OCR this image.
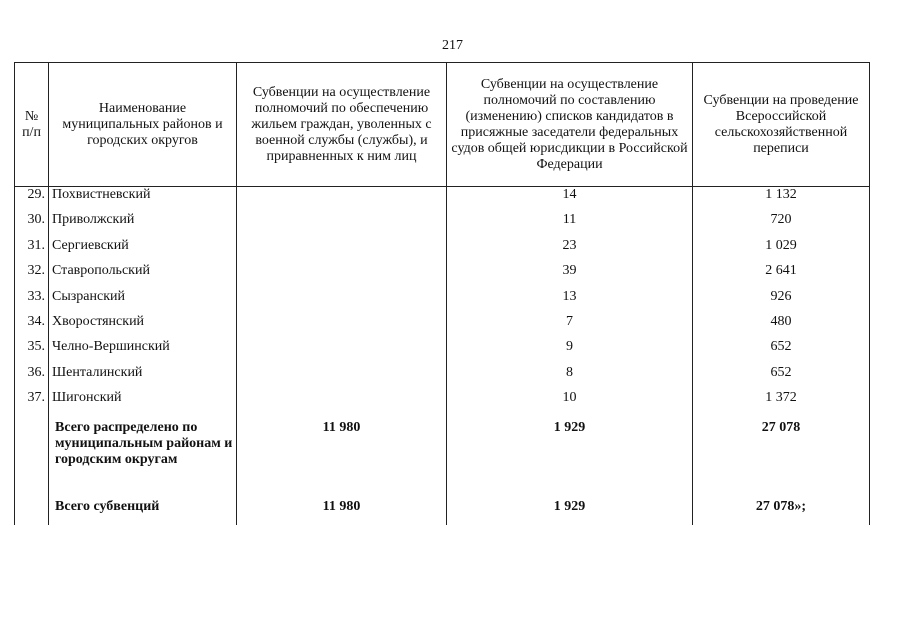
217
№ п/п	Наименование муниципальных районов и городских округов	Субвенции на осуществление полномочий по обеспечению жильем граждан, уволенных с военной службы (службы), и приравненных к ним лиц	Субвенции на осуществление полномочий по составлению (изменению) списков кандидатов в присяжные заседатели федеральных судов общей юрисдикции в Российской Федерации	Субвенции на проведение Всероссийской сельскохозяйственной переписи
29.	Похвистневский		14	1 132
30.	Приволжский		11	720
31.	Сергиевский		23	1 029
32.	Ставропольский		39	2 641
33.	Сызранский		13	926
34.	Хворостянский		7	480
35.	Челно-Вершинский		9	652
36.	Шенталинский		8	652
37.	Шигонский		10	1 372
	Всего распределено по муниципальным районам и городским округам	11 980	1 929	27 078
	Всего субвенций	11 980	1 929	27 078»;
